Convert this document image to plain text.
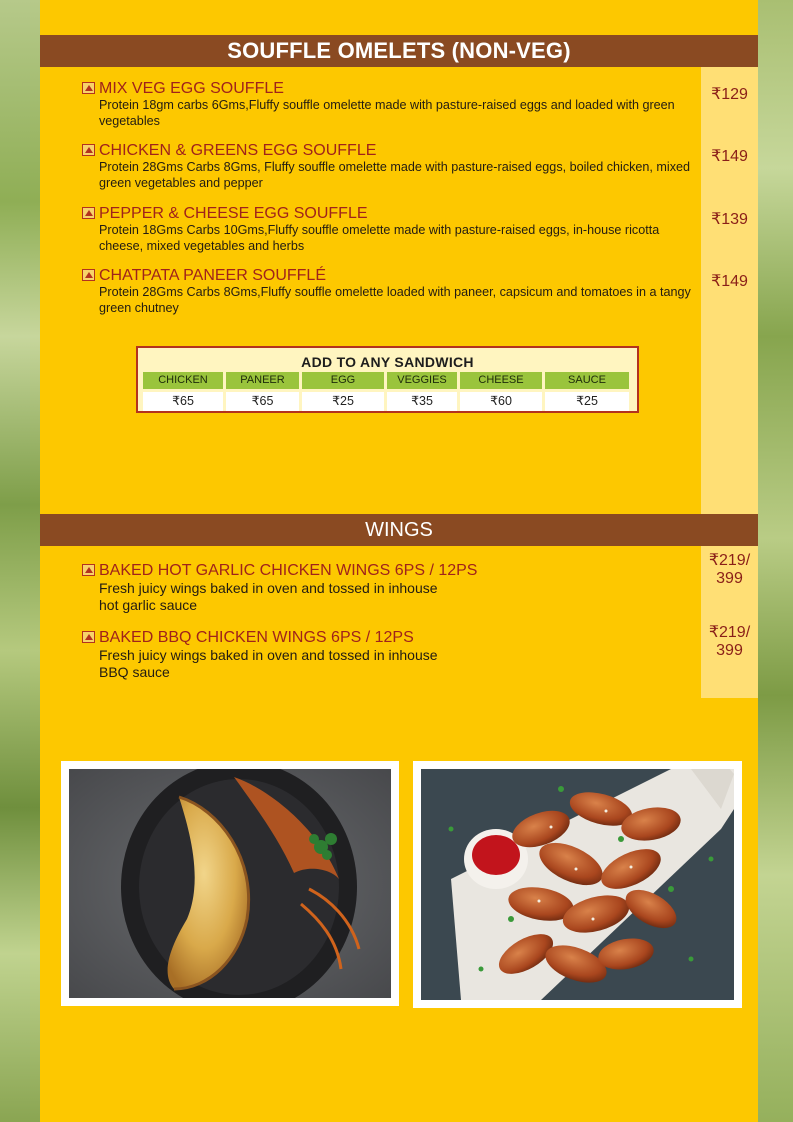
SOUFFLE OMELETS (NON-VEG)
MIX VEG EGG SOUFFLE
Protein 18gm carbs 6Gms,Fluffy souffle omelette made with pasture-raised eggs and loaded with green vegetables
₹129
CHICKEN & GREENS EGG SOUFFLE
Protein 28Gms Carbs 8Gms, Fluffy souffle omelette made with pasture-raised eggs, boiled chicken, mixed green vegetables and pepper
₹149
PEPPER & CHEESE EGG SOUFFLE
Protein 18Gms Carbs 10Gms,Fluffy souffle omelette made with pasture-raised eggs, in-house ricotta cheese, mixed vegetables and herbs
₹139
CHATPATA PANEER SOUFFLÉ
Protein 28Gms Carbs 8Gms,Fluffy souffle omelette loaded with paneer, capsicum and tomatoes in a tangy green chutney
₹149
ADD TO ANY SANDWICH
CHICKEN	PANEER	EGG	VEGGIES	CHEESE	SAUCE
₹65	₹65	₹25	₹35	₹60	₹25
WINGS
BAKED HOT GARLIC CHICKEN WINGS 6PS / 12PS
Fresh juicy wings baked in oven and tossed in inhouse
hot garlic sauce
₹219/
399
BAKED BBQ CHICKEN WINGS 6PS / 12PS
Fresh juicy wings baked in oven and tossed in inhouse
BBQ sauce
₹219/
399
